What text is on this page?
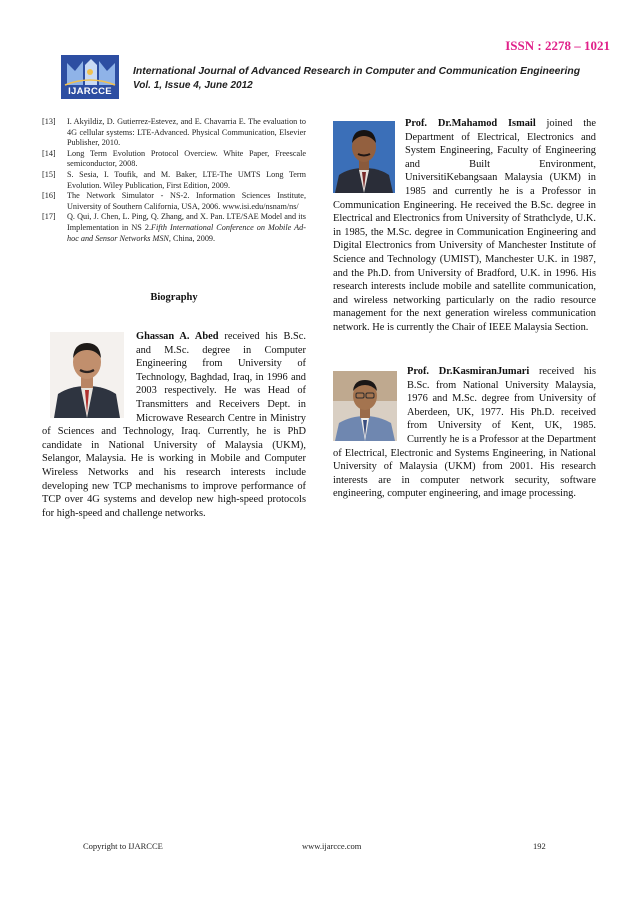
ISSN : 2278 – 1021
IJARCCE
International Journal of Advanced Research in Computer and Communication Engineering
Vol. 1, Issue 4, June 2012
[13] I. Akyildiz, D. Gutierrez-Estevez, and E. Chavarria E. The evaluation to 4G cellular systems: LTE-Advanced. Physical Communication, Elsevier Publisher, 2010.
[14] Long Term Evolution Protocol Overciew. White Paper, Freescale semiconductor, 2008.
[15] S. Sesia, I. Toufik, and M. Baker, LTE-The UMTS Long Term Evolution. Wiley Publication, First Edition, 2009.
[16] The Network Simulator - NS-2. Information Sciences Institute, University of Southern California, USA, 2006. www.isi.edu/nsnam/ns/
[17] Q. Qui, J. Chen, L. Ping, Q. Zhang, and X. Pan. LTE/SAE Model and its Implementation in NS 2.Fifth International Conference on Mobile Ad-hoc and Sensor Networks MSN, China, 2009.
Biography

Ghassan A. Abed received his B.Sc. and M.Sc. degree in Computer Engineering from University of Technology, Baghdad, Iraq, in 1996 and 2003 respectively. He was Head of Transmitters and Receivers Dept. in Microwave Research Centre in Ministry of Sciences and Technology, Iraq. Currently, he is PhD candidate in National University of Malaysia (UKM), Selangor, Malaysia. He is working in Mobile and Computer Wireless Networks and his research interests include developing new TCP mechanisms to improve performance of TCP over 4G systems and develop new high-speed protocols for high-speed and challenge networks.

Prof. Dr.Mahamod Ismail joined the Department of Electrical, Electronics and System Engineering, Faculty of Engineering and Built Environment, UniversitiKebangsaan Malaysia (UKM) in 1985 and currently he is a Professor in Communication Engineering. He received the B.Sc. degree in Electrical and Electronics from University of Strathclyde, U.K. in 1985, the M.Sc. degree in Communication Engineering and Digital Electronics from University of Manchester Institute of Science and Technology (UMIST), Manchester U.K. in 1987, and the Ph.D. from University of Bradford, U.K. in 1996. His research interests include mobile and satellite communication, and wireless networking particularly on the radio resource management for the next generation wireless communication network. He is currently the Chair of IEEE Malaysia Section.

Prof. Dr.KasmiranJumari received his B.Sc. from National University Malaysia, 1976 and M.Sc. degree from University of Aberdeen, UK, 1977. His Ph.D. received from University of Kent, UK, 1985. Currently he is a Professor at the Department of Electrical, Electronic and Systems Engineering, in National University of Malaysia (UKM) from 2001. His research interests are in computer network security, software engineering, computer engineering, and image processing.

Copyright to IJARCCE	www.ijarcce.com	192
